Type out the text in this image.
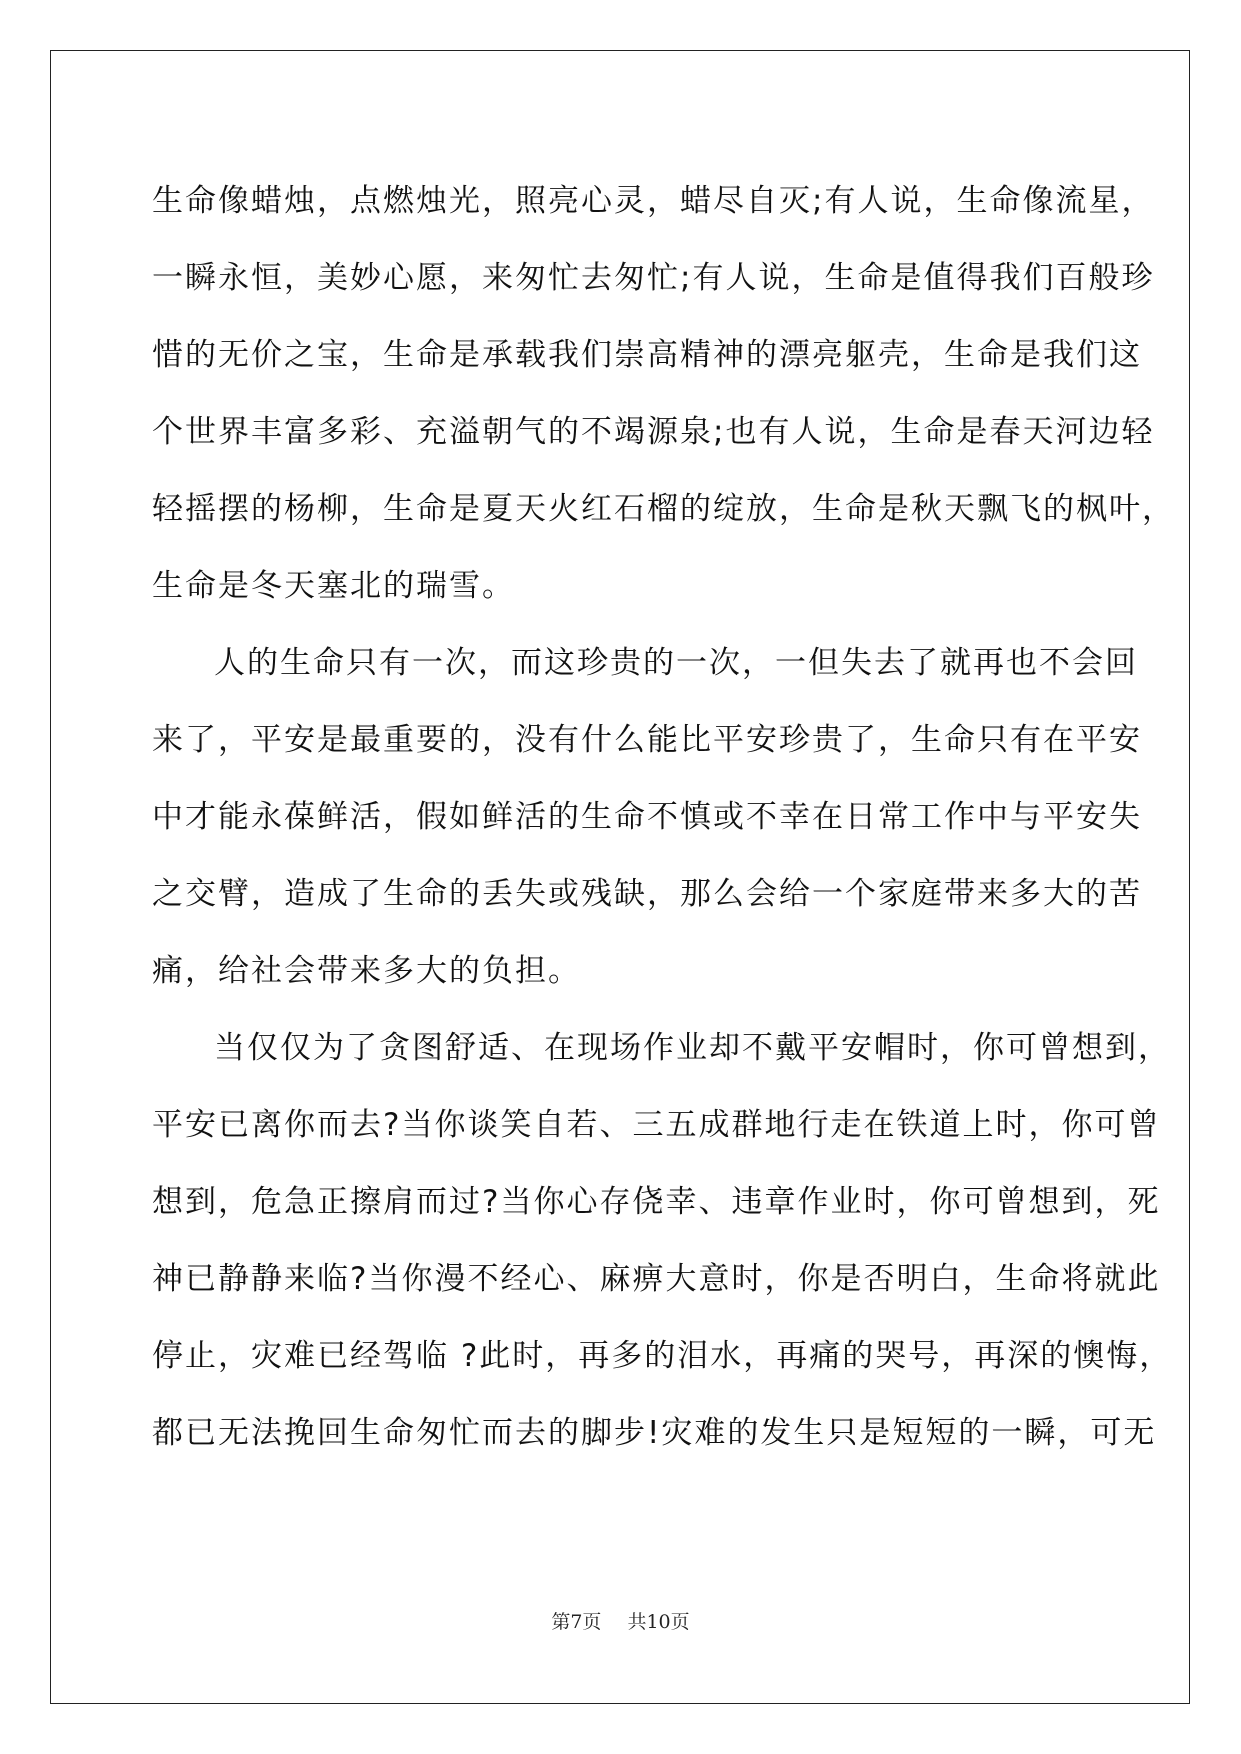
生命像蜡烛，点燃烛光，照亮心灵，蜡尽自灭;有人说，生命像流星，
一瞬永恒，美妙心愿，来匆忙去匆忙;有人说，生命是值得我们百般珍
惜的无价之宝，生命是承载我们崇高精神的漂亮躯壳，生命是我们这
个世界丰富多彩、充溢朝气的不竭源泉;也有人说，生命是春天河边轻
轻摇摆的杨柳，生命是夏天火红石榴的绽放，生命是秋天飘飞的枫叶，
生命是冬天塞北的瑞雪。

人的生命只有一次，而这珍贵的一次，一但失去了就再也不会回
来了，平安是最重要的，没有什么能比平安珍贵了，生命只有在平安
中才能永葆鲜活，假如鲜活的生命不慎或不幸在日常工作中与平安失
之交臂，造成了生命的丢失或残缺，那么会给一个家庭带来多大的苦
痛，给社会带来多大的负担。

当仅仅为了贪图舒适、在现场作业却不戴平安帽时，你可曾想到，
平安已离你而去?当你谈笑自若、三五成群地行走在铁道上时，你可曾
想到，危急正擦肩而过?当你心存侥幸、违章作业时，你可曾想到，死
神已静静来临?当你漫不经心、麻痹大意时，你是否明白，生命将就此
停止，灾难已经驾临 ?此时，再多的泪水，再痛的哭号，再深的懊悔，
都已无法挽回生命匆忙而去的脚步!灾难的发生只是短短的一瞬，可无

第7页 共10页
